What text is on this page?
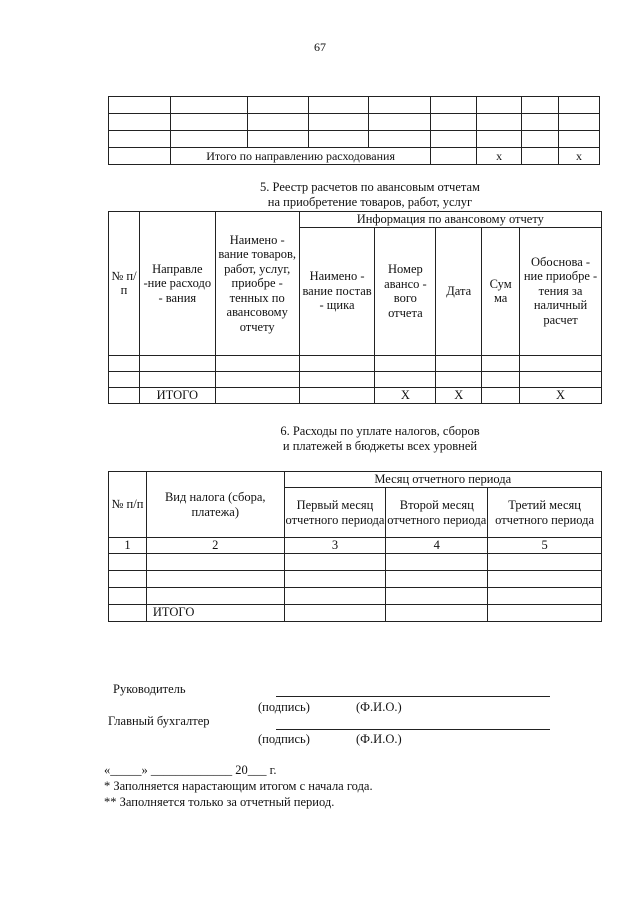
67

	Итого по направлению расходования					x		x
5. Реестр расчетов по авансовым отчетам
на приобретение товаров, работ, услуг
№ п/п	Направле -ние расходо - вания	Наимено - вание товаров, работ, услуг, приобре - тенных по авансовому отчету	Информация по авансовому отчету				
			Наимено - вание постав - щика	Номер авансо - вого отчета	Дата	Сум ма	Обоснова - ние приобре - тения за наличный расчет

	ИТОГО			Х	Х		Х
6. Расходы по уплате налогов, сборов
и платежей в бюджеты всех уровней
№ п/п	Вид налога (сбора, платежа)	Месяц отчетного периода		
		Первый месяц отчетного периода	Второй месяц отчетного периода	Третий месяц отчетного периода
1	2	3	4	5

	ИТОГО			
Руководитель
(подпись)	(Ф.И.О.)
Главный бухгалтер
(подпись)	(Ф.И.О.)
«_____» _____________ 20___ г.
* Заполняется нарастающим итогом с начала года.
** Заполняется только за отчетный период.
